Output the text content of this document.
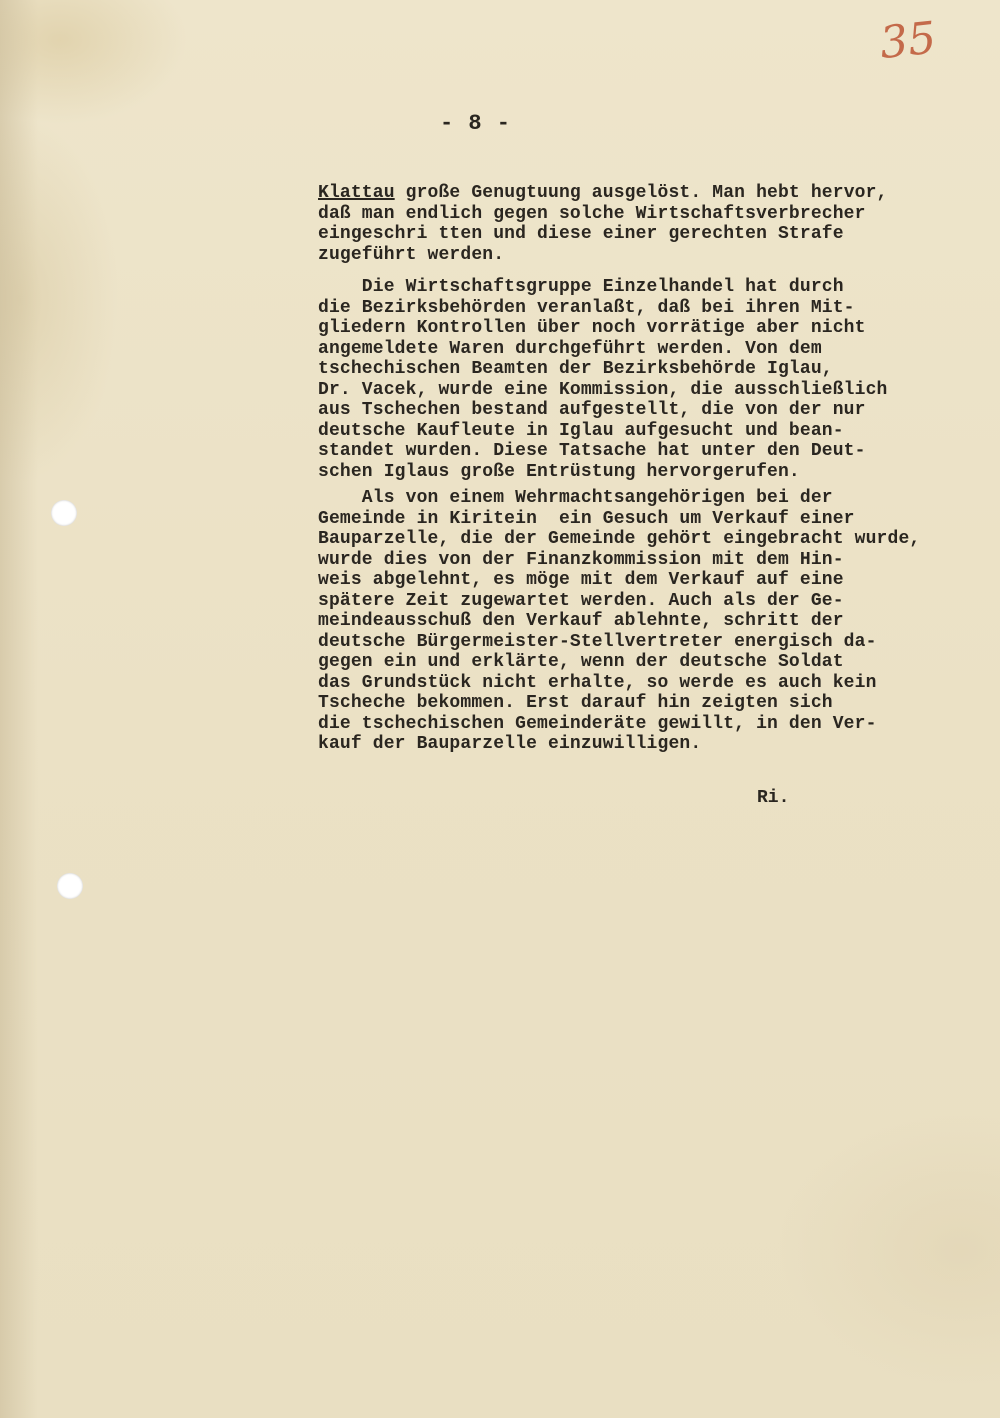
35
- 8 -
Klattau große Genugtuung ausgelöst. Man hebt hervor,
daß man endlich gegen solche Wirtschaftsverbrecher
eingeschri tten und diese einer gerechten Strafe
zugeführt werden.
Die Wirtschaftsgruppe Einzelhandel hat durch
die Bezirksbehörden veranlaßt, daß bei ihren Mit-
gliedern Kontrollen über noch vorrätige aber nicht
angemeldete Waren durchgeführt werden. Von dem
tschechischen Beamten der Bezirksbehörde Iglau,
Dr. Vacek, wurde eine Kommission, die ausschließlich
aus Tschechen bestand aufgestellt, die von der nur
deutsche Kaufleute in Iglau aufgesucht und bean-
standet wurden. Diese Tatsache hat unter den Deut-
schen Iglaus große Entrüstung hervorgerufen.
Als von einem Wehrmachtsangehörigen bei der
Gemeinde in Kiritein  ein Gesuch um Verkauf einer
Bauparzelle, die der Gemeinde gehört eingebracht wurde,
wurde dies von der Finanzkommission mit dem Hin-
weis abgelehnt, es möge mit dem Verkauf auf eine
spätere Zeit zugewartet werden. Auch als der Ge-
meindeausschuß den Verkauf ablehnte, schritt der
deutsche Bürgermeister-Stellvertreter energisch da-
gegen ein und erklärte, wenn der deutsche Soldat
das Grundstück nicht erhalte, so werde es auch kein
Tscheche bekommen. Erst darauf hin zeigten sich
die tschechischen Gemeinderäte gewillt, in den Ver-
kauf der Bauparzelle einzuwilligen.
Ri.
